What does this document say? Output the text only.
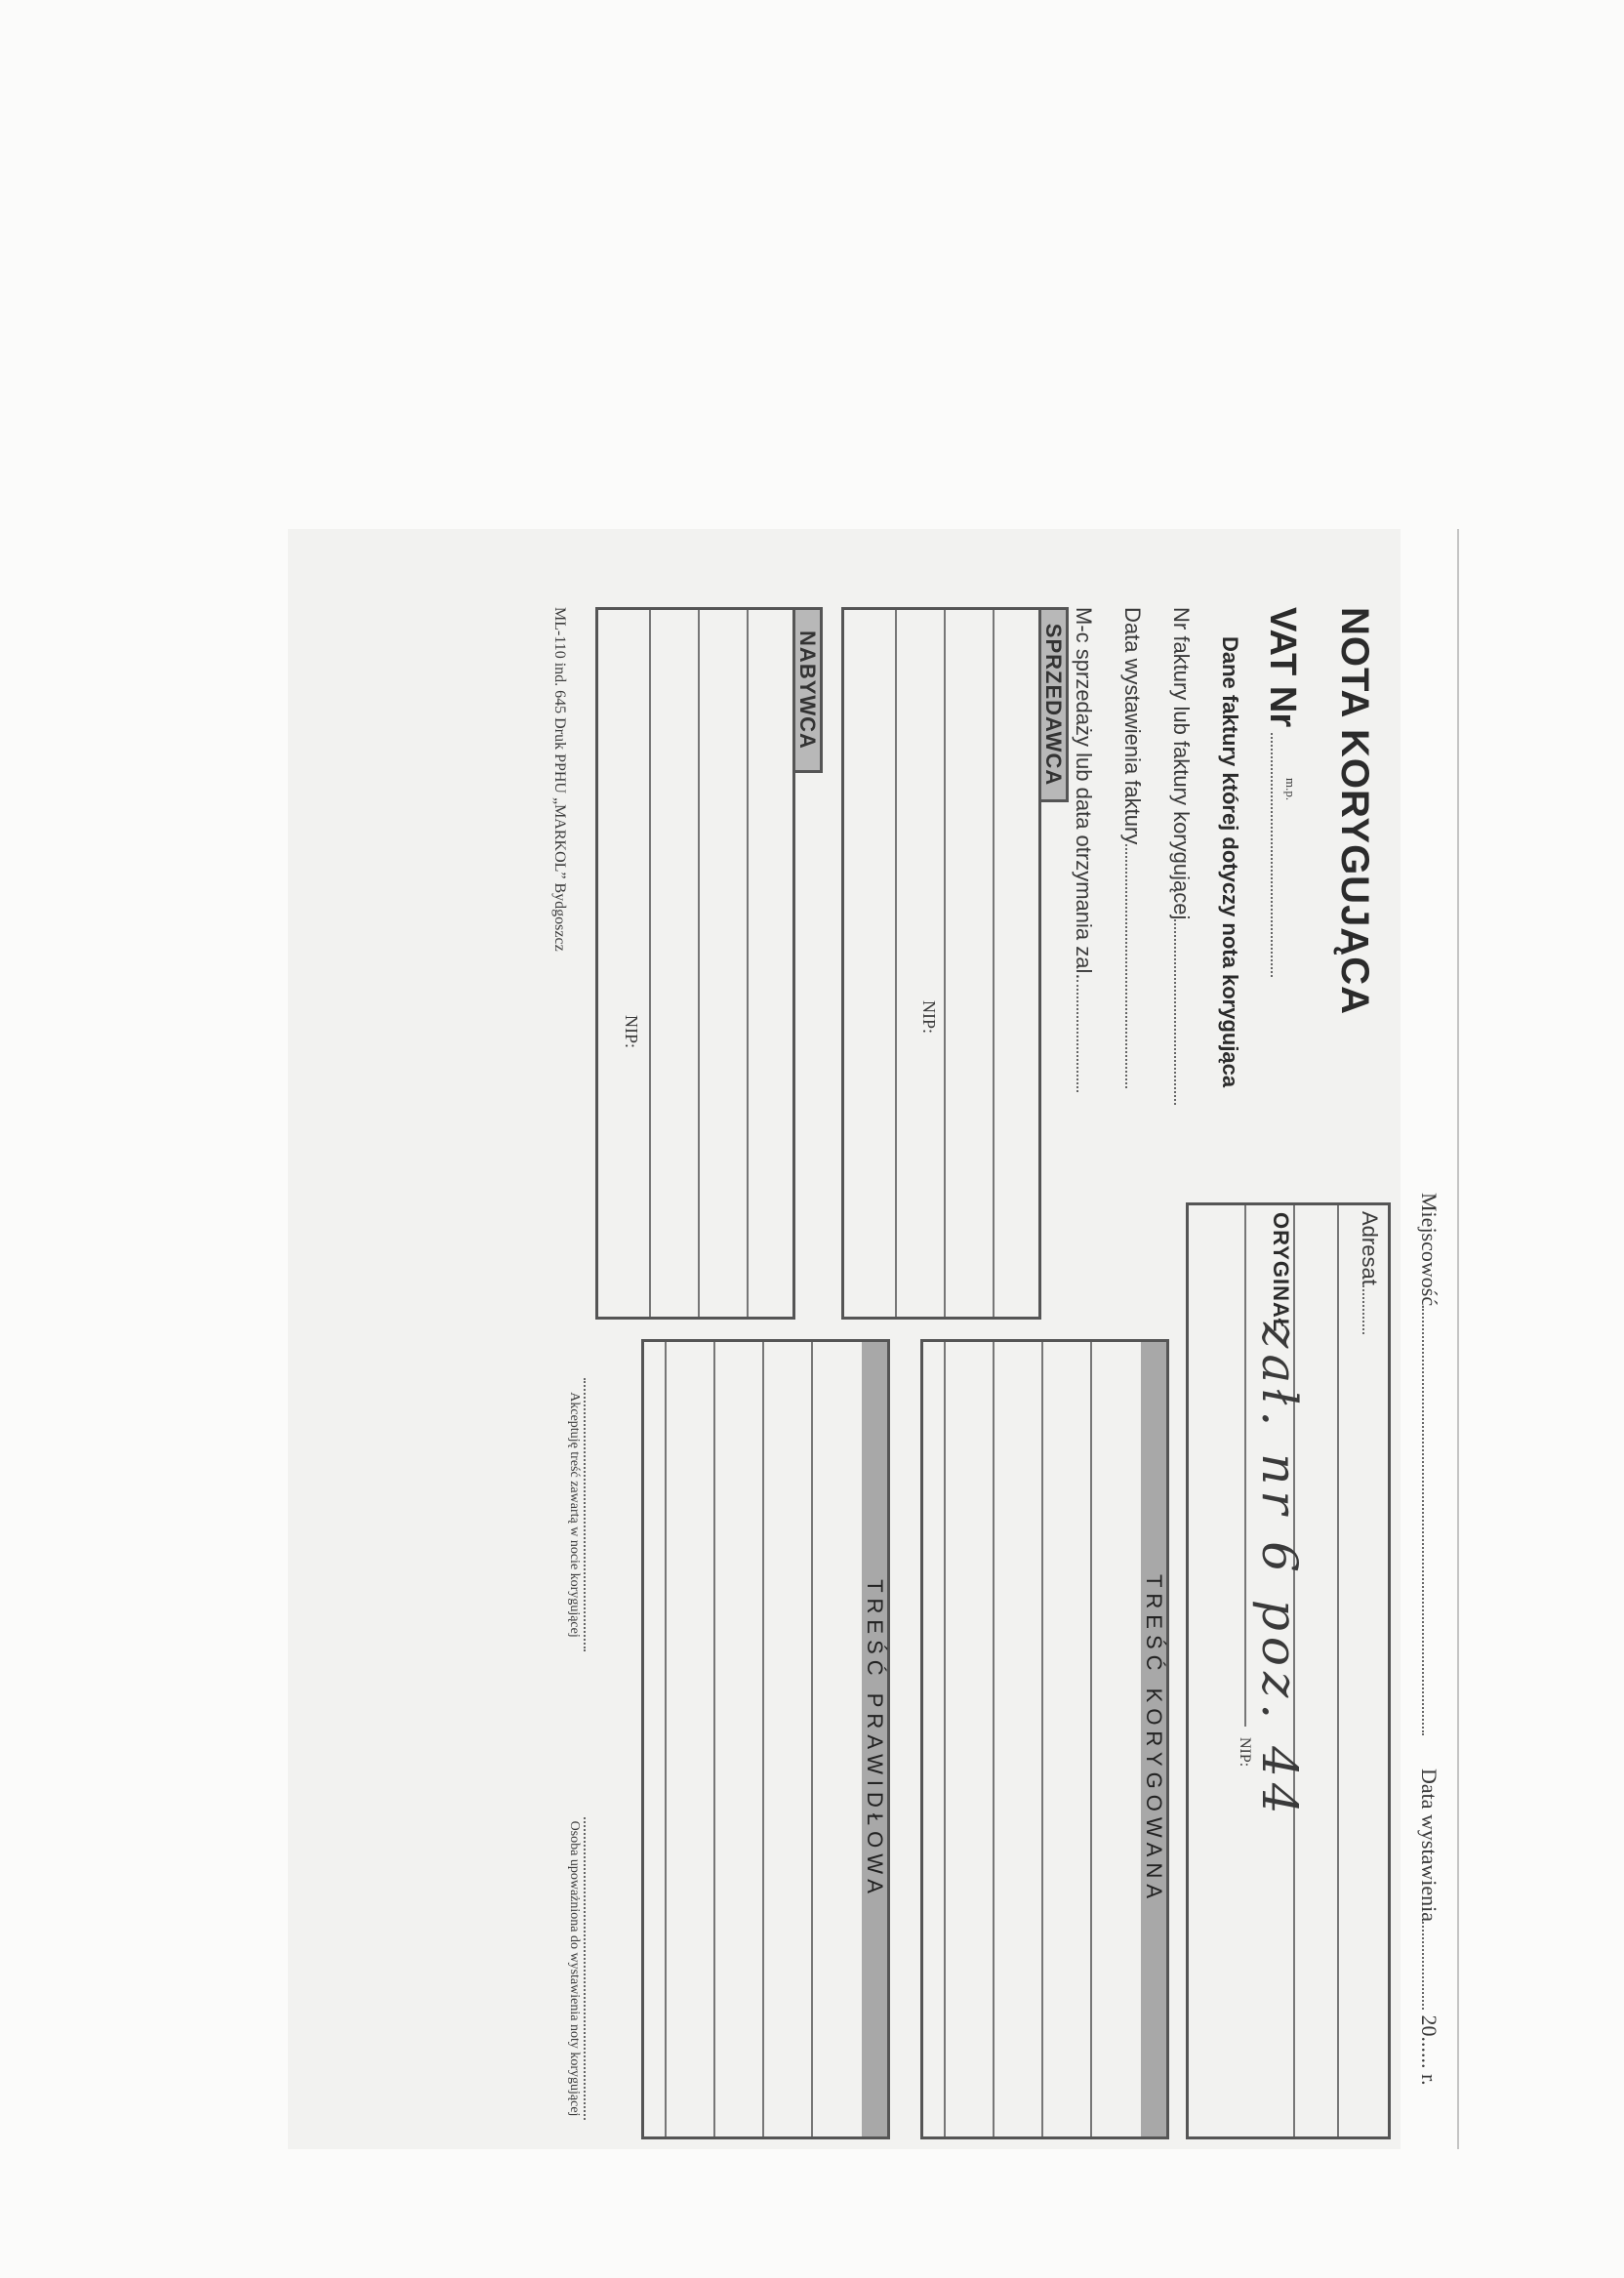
NOTA KORYGUJĄCA
m.p.
VAT Nr
ORYGINAŁ
Dane faktury której dotyczy nota korygująca
Nr faktury lub faktury korygującej
Data wystawienia faktury
M-c sprzedaży lub data otrzymania zal.
SPRZEDAWCA
NIP:
NABYWCA
NIP:
Miejscowość
Data wystawienia 20...... r.
Adresat
NIP:
zał. nr 6 poz. 44
TREŚĆ KORYGOWANA
TREŚĆ PRAWIDŁOWA
Akceptuję treść zawartą w nocie korygującej
Osoba upoważniona do wystawienia noty korygującej
ML-110 ind. 645 Druk PPHU „MARKOL” Bydgoszcz
